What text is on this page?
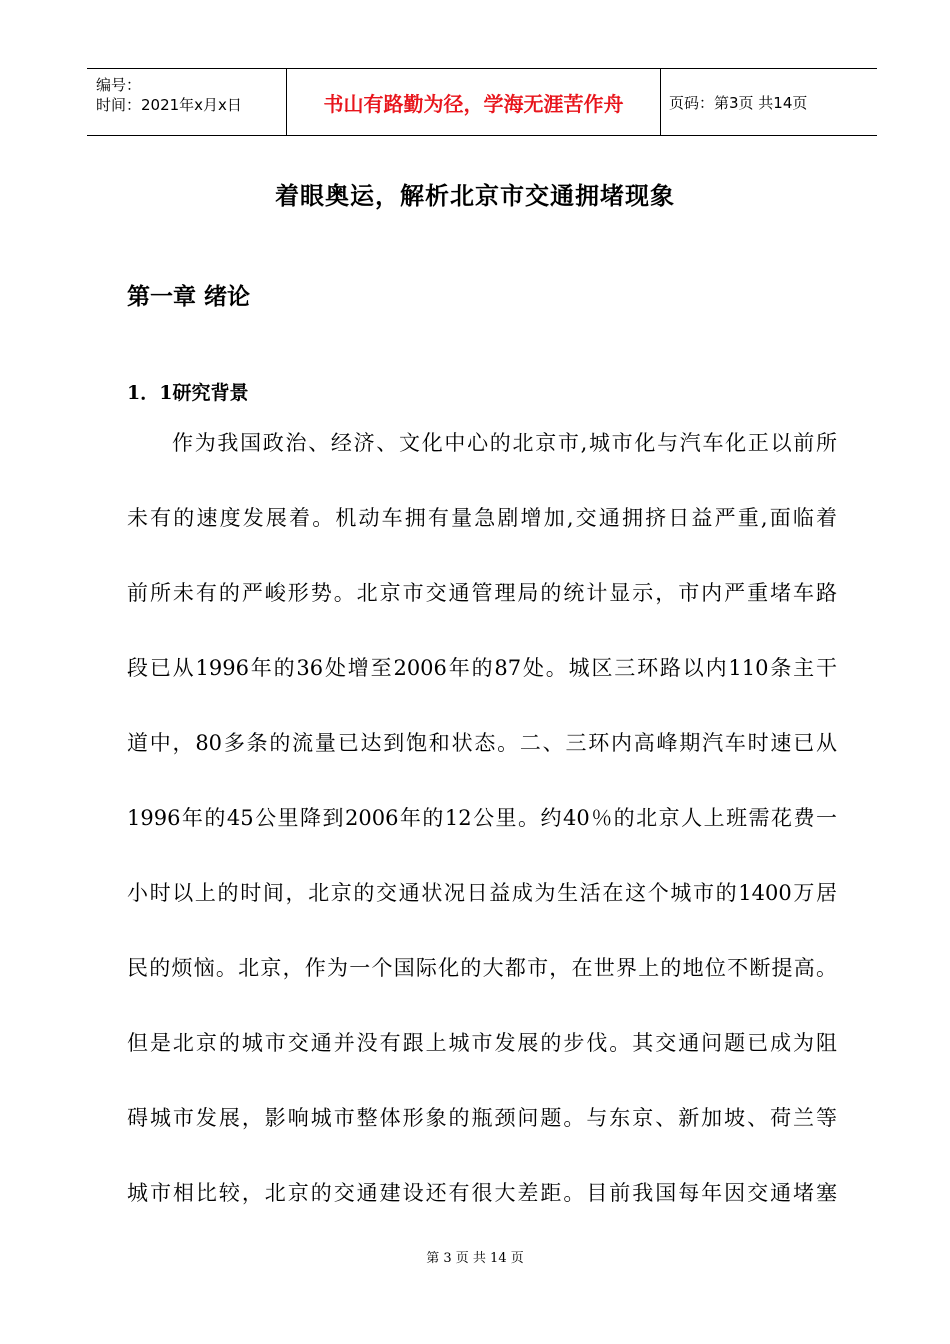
编号：
时间：2021年x月x日	书山有路勤为径，学海无涯苦作舟	页码：第3页 共14页
着眼奥运，解析北京市交通拥堵现象
第一章 绪论
1．1研究背景
作为我国政治、经济、文化中心的北京市,城市化与汽车化正以前所
未有的速度发展着。机动车拥有量急剧增加,交通拥挤日益严重,面临着
前所未有的严峻形势。北京市交通管理局的统计显示，市内严重堵车路
段已从1996年的36处增至2006年的87处。城区三环路以内110条主干
道中，80多条的流量已达到饱和状态。二、三环内高峰期汽车时速已从
1996年的45公里降到2006年的12公里。约40％的北京人上班需花费一
小时以上的时间，北京的交通状况日益成为生活在这个城市的1400万居
民的烦恼。北京，作为一个国际化的大都市，在世界上的地位不断提高。
但是北京的城市交通并没有跟上城市发展的步伐。其交通问题已成为阻
碍城市发展，影响城市整体形象的瓶颈问题。与东京、新加坡、荷兰等
城市相比较，北京的交通建设还有很大差距。目前我国每年因交通堵塞
第 3 页 共 14 页
